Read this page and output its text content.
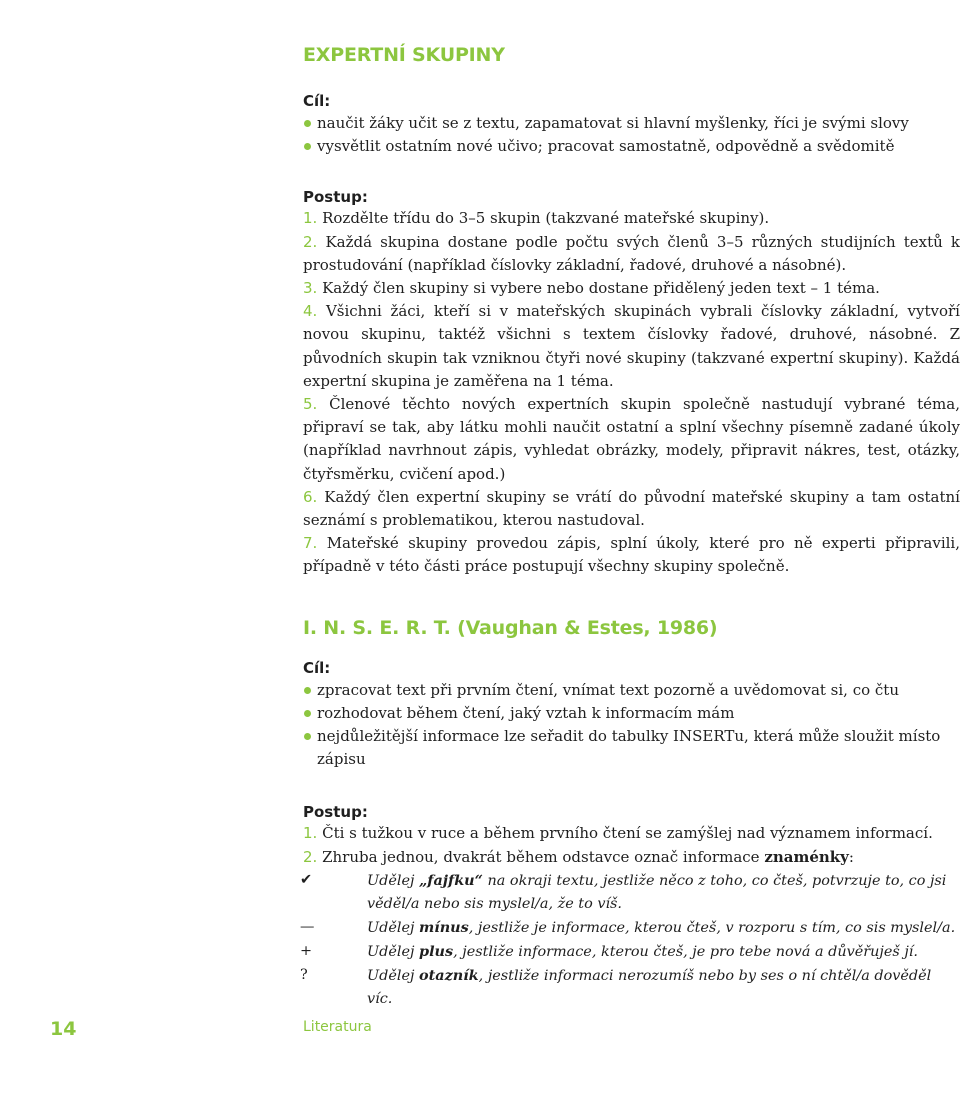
EXPERTNÍ SKUPINY

Cíl:

naučit žáky učit se z textu, zapamatovat si hlavní myšlenky, říci je svými slovy
vysvětlit ostatním nové učivo; pracovat samostatně, odpovědně a svědomitě

Postup:

1. Rozdělte třídu do 3–5 skupin (takzvané mateřské skupiny).
2. Každá skupina dostane podle počtu svých členů 3–5 různých studijních textů k prostudování (například číslovky základní, řadové, druhové a násobné).
3. Každý člen skupiny si vybere nebo dostane přidělený jeden text – 1 téma.
4. Všichni žáci, kteří si v mateřských skupinách vybrali číslovky základní, vytvoří novou skupinu, taktéž všichni s textem číslovky řadové, druhové, násobné. Z původních skupin tak vzniknou čtyři nové skupiny (takzvané expertní skupiny). Každá expertní skupina je zaměřena na 1 téma.
5. Členové těchto nových expertních skupin společně nastudují vybrané téma, připraví se tak, aby látku mohli naučit ostatní a splní všechny písemně zadané úkoly (například navrhnout zápis, vyhledat obrázky, modely, připravit nákres, test, otázky, čtyřsměrku, cvičení apod.)
6. Každý člen expertní skupiny se vrátí do původní mateřské skupiny a tam ostatní seznámí s problematikou, kterou nastudoval.
7. Mateřské skupiny provedou zápis, splní úkoly, které pro ně experti připravili, případně v této části práce postupují všechny skupiny společně.
I. N. S. E. R. T. (Vaughan & Estes, 1986)

Cíl:

zpracovat text při prvním čtení, vnímat text pozorně a uvědomovat si, co čtu
rozhodovat během čtení, jaký vztah k informacím mám
nejdůležitější informace lze seřadit do tabulky INSERTu, která může sloužit místo zápisu

Postup:

1. Čti s tužkou v ruce a během prvního čtení se zamýšlej nad významem informací.
2. Zhruba jednou, dvakrát během odstavce označ informace znaménky:
✔	Udělej „fajfku“ na okraji textu, jestliže něco z toho, co čteš, potvrzuje to, co jsi věděl/a nebo sis myslel/a, že to víš.
—	Udělej mínus, jestliže je informace, kterou čteš, v rozporu s tím, co sis myslel/a.
+	Udělej plus, jestliže informace, kterou čteš, je pro tebe nová a důvěřuješ jí.
?	Udělej otazník, jestliže informaci nerozumíš nebo by ses o ní chtěl/a dověděl víc.
14	Literatura
